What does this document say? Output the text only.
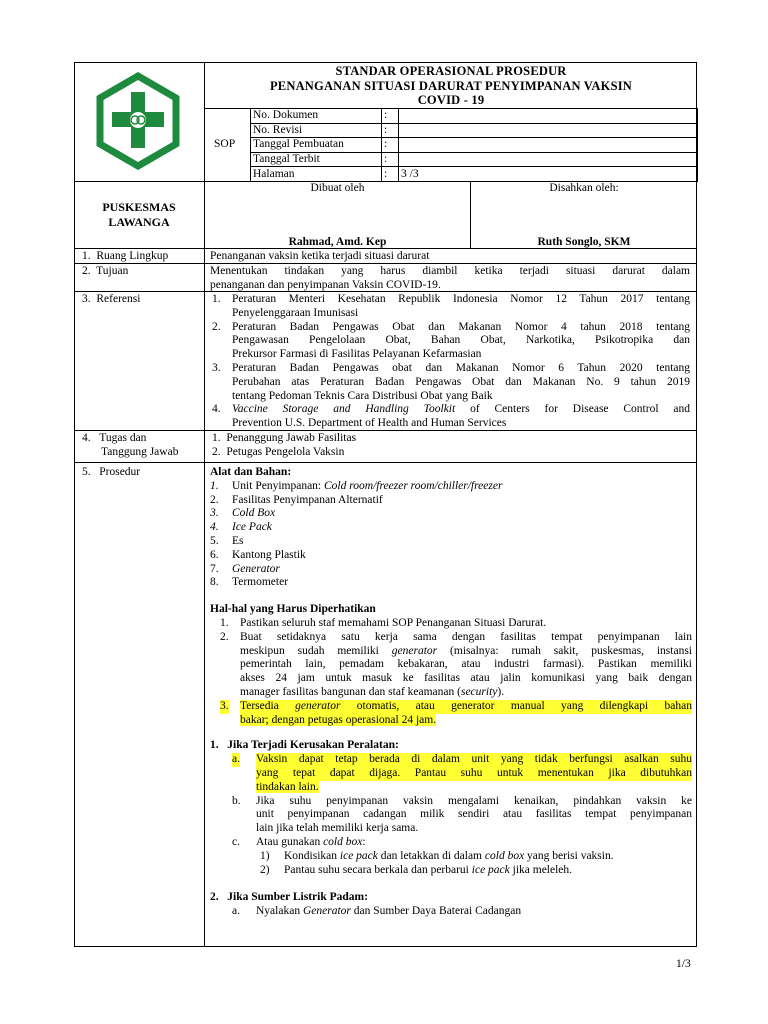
STANDAR OPERASIONAL PROSEDUR
PENANGANAN SITUASI DARURAT PENYIMPANAN VAKSIN
COVID - 19
SOP
No. Dokumen	:	
No. Revisi	:	
Tanggal Pembuatan	:	
Tanggal Terbit	:	
Halaman	:	3 /3
PUSKESMAS
LAWANGA
Dibuat oleh
Rahmad, Amd. Kep
Disahkan oleh:
Ruth Songlo, SKM
1. Ruang Lingkup	Penanganan vaksin ketika terjadi situasi darurat
2. Tujuan	Menentukan tindakan yang harus diambil ketika terjadi situasi darurat dalam
penanganan dan penyimpanan Vaksin COVID-19.
3. Referensi	1. Peraturan Menteri Kesehatan Republik Indonesia Nomor 12 Tahun 2017 tentang
Penyelenggaraan Imunisasi
2. Peraturan Badan Pengawas Obat dan Makanan Nomor 4 tahun 2018 tentang
Pengawasan Pengelolaan Obat, Bahan Obat, Narkotika, Psikotropika dan
Prekursor Farmasi di Fasilitas Pelayanan Kefarmasian
3. Peraturan Badan Pengawas obat dan Makanan Nomor 6 Tahun 2020 tentang
Perubahan atas Peraturan Badan Pengawas Obat dan Makanan No. 9 tahun 2019
tentang Pedoman Teknis Cara Distribusi Obat yang Baik
4. Vaccine Storage and Handling Toolkit of Centers for Disease Control and
Prevention U.S. Department of Health and Human Services
4. Tugas dan
Tanggung Jawab
1.  Penanggung Jawab Fasilitas
2.  Petugas Pengelola Vaksin
5. Prosedur	Alat dan Bahan:
1. Unit Penyimpanan: Cold room/freezer room/chiller/freezer
2. Fasilitas Penyimpanan Alternatif
3. Cold Box
4. Ice Pack
5. Es
6. Kantong Plastik
7. Generator
8. Termometer
Hal-hal yang Harus Diperhatikan
1. Pastikan seluruh staf memahami SOP Penanganan Situasi Darurat.
2. Buat setidaknya satu kerja sama dengan fasilitas tempat penyimpanan lain
meskipun sudah memiliki generator (misalnya: rumah sakit, puskesmas, instansi
pemerintah lain, pemadam kebakaran, atau industri farmasi). Pastikan memiliki
akses 24 jam untuk masuk ke fasilitas atau jalin komunikasi yang baik dengan
manager fasilitas bangunan dan staf keamanan (security).
3. Tersedia generator otomatis, atau generator manual yang dilengkapi bahan
bakar; dengan petugas operasional 24 jam.
1.   Jika Terjadi Kerusakan Peralatan:
a. Vaksin dapat tetap berada di dalam unit yang tidak berfungsi asalkan suhu
yang tepat dapat dijaga. Pantau suhu untuk menentukan jika dibutuhkan
tindakan lain.
b. Jika suhu penyimpanan vaksin mengalami kenaikan, pindahkan vaksin ke
unit penyimpanan cadangan milik sendiri atau fasilitas tempat penyimpanan
lain jika telah memiliki kerja sama.
c. Atau gunakan cold box:
1) Kondisikan ice pack dan letakkan di dalam cold box yang berisi vaksin.
2) Pantau suhu secara berkala dan perbarui ice pack jika meleleh.
2.   Jika Sumber Listrik Padam:
a. Nyalakan Generator dan Sumber Daya Baterai Cadangan
1/3
